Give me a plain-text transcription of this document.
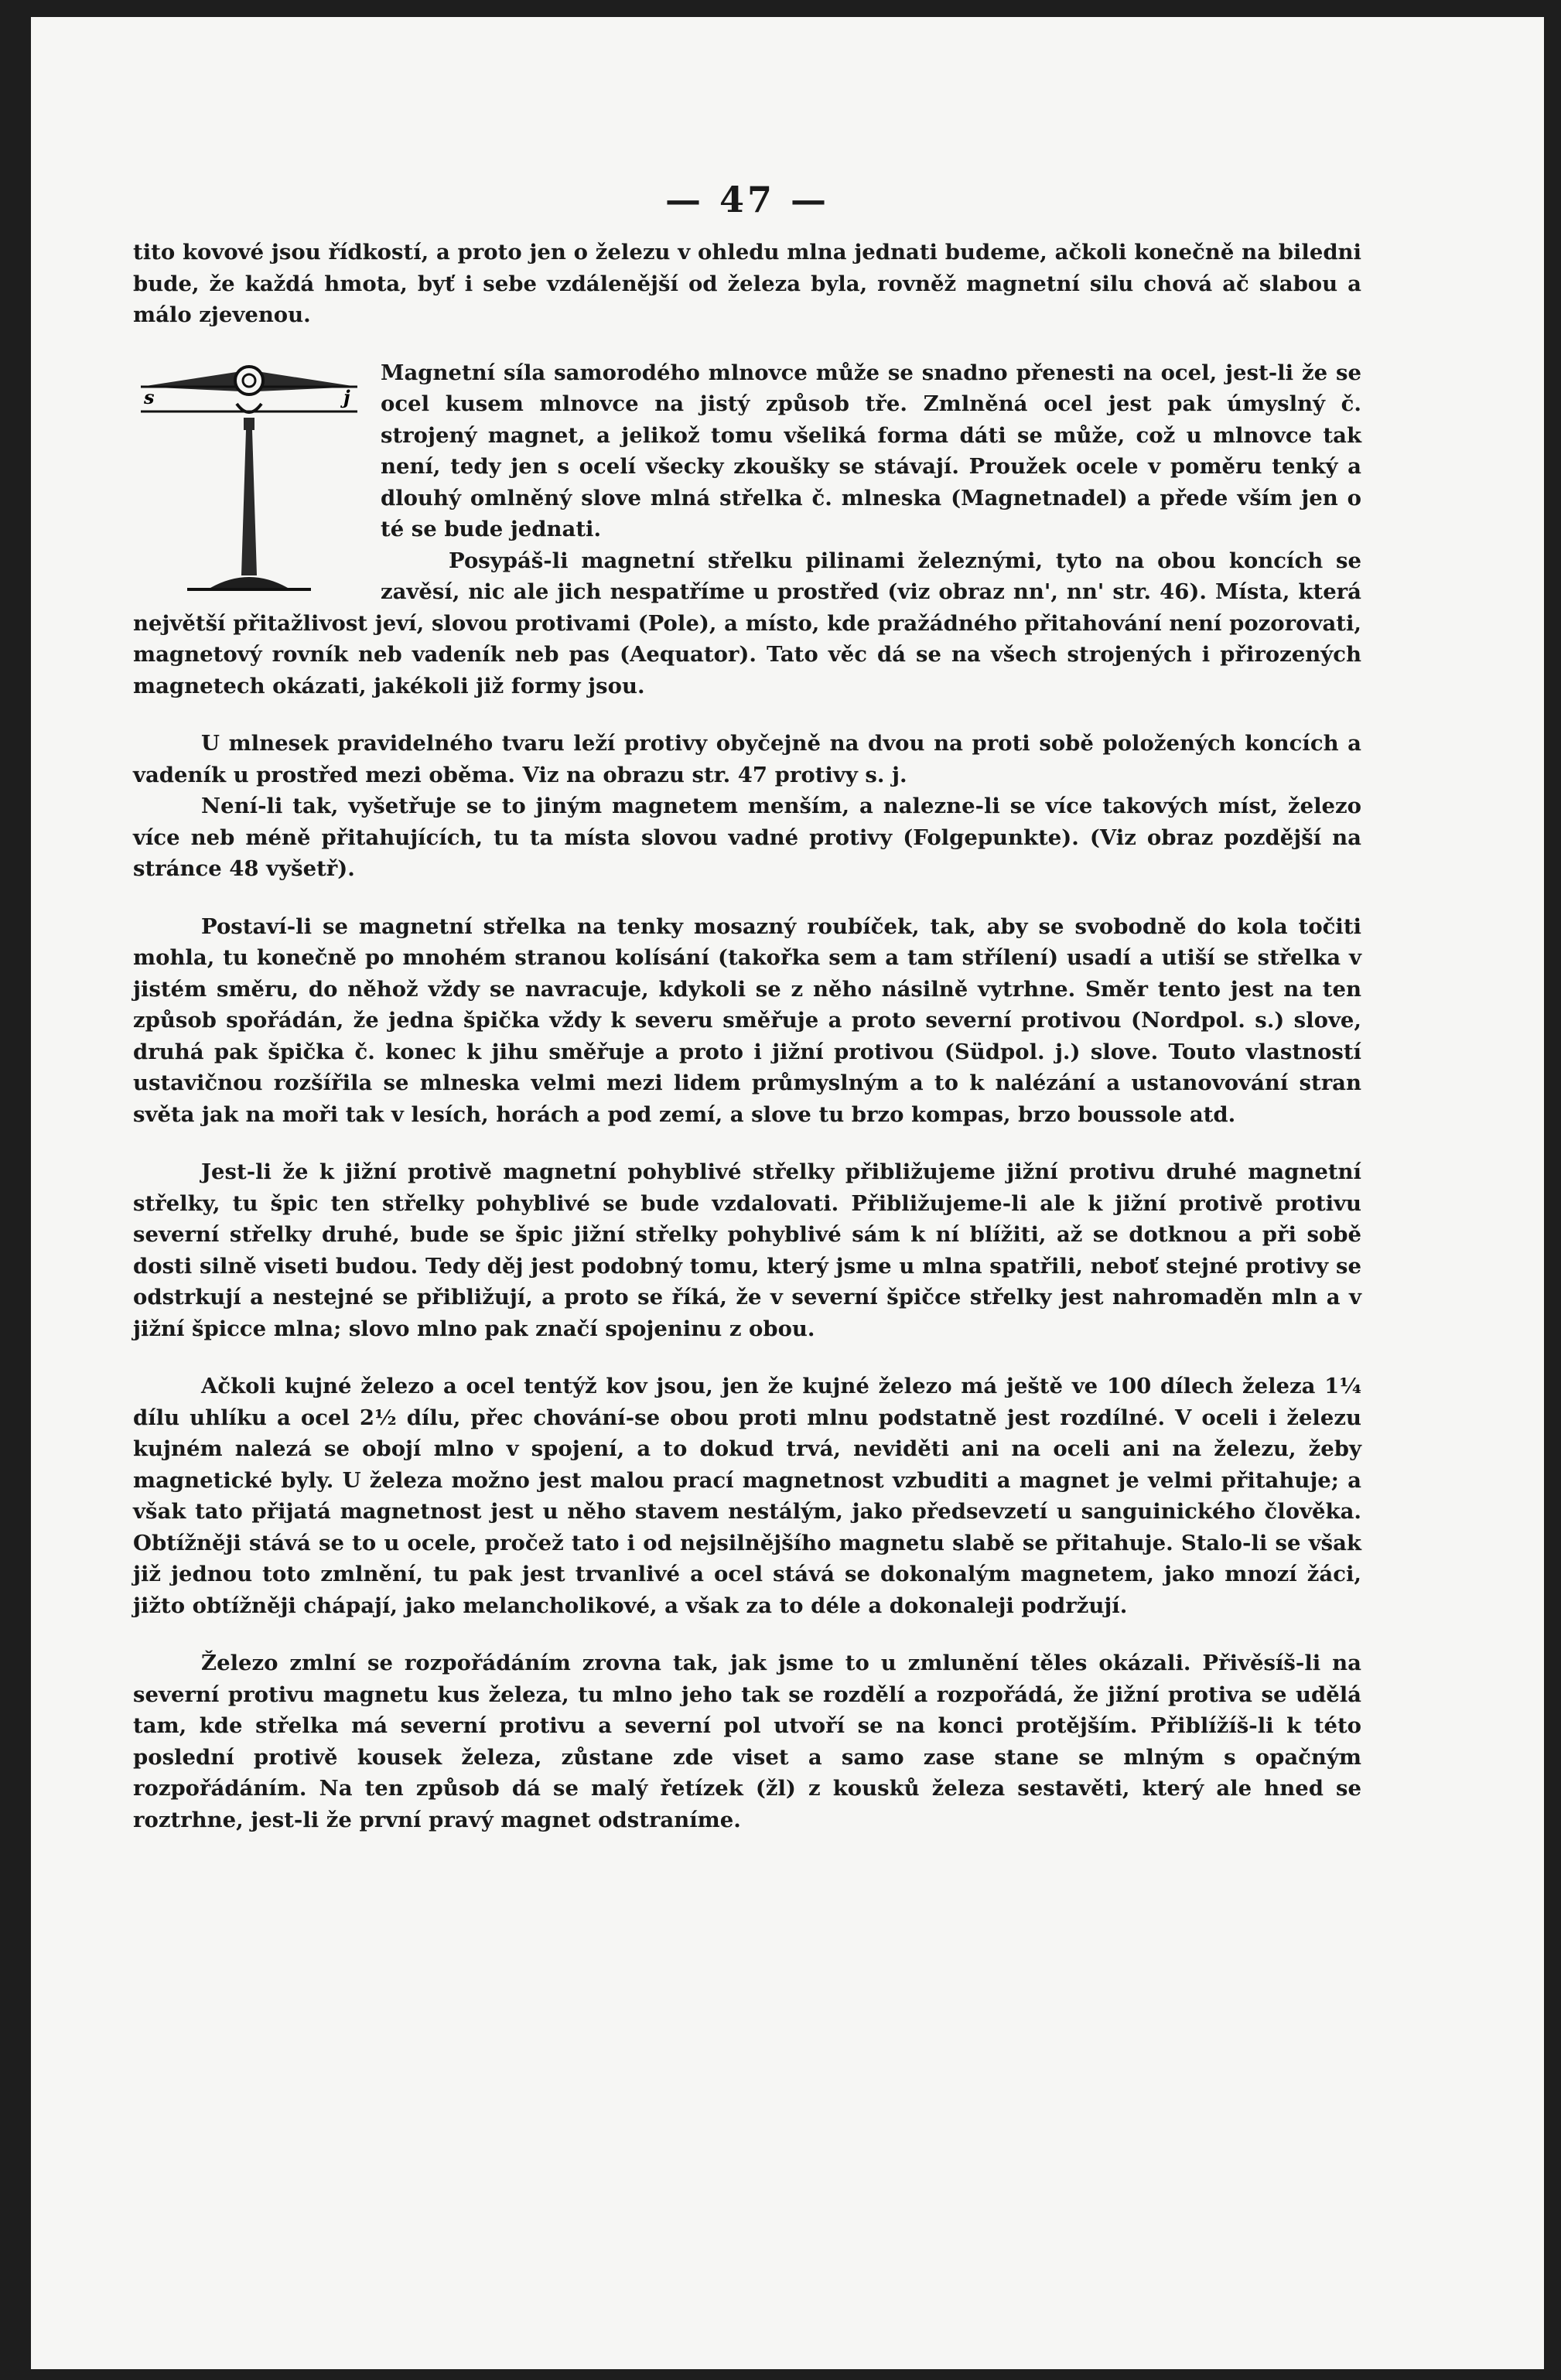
— 47 —

tito kovové jsou řídkostí, a proto jen o železu v ohledu mlna jednati budeme, ačkoli konečně na biledni bude, že každá hmota, byť i sebe vzdálenější od železa byla, rovněž magnetní silu chová ač slabou a málo zjevenou.

s	j

Magnetní síla samorodého mlnovce může se snadno přenesti na ocel, jest-li že se ocel kusem mlnovce na jistý způsob tře. Zmlněná ocel jest pak úmyslný č. strojený magnet, a jelikož tomu všeliká forma dáti se může, což u mlnovce tak není, tedy jen s ocelí všecky zkoušky se stávají. Proužek ocele v poměru tenký a dlouhý omlněný slove mlná střelka č. mlneska (Magnetnadel) a přede vším jen o té se bude jednati.

Posypáš-li magnetní střelku pilinami železnými, tyto na obou koncích se zavěsí, nic ale jich nespatříme u prostřed (viz obraz nn', nn' str. 46). Místa, která největší přitažlivost jeví, slovou protivami (Pole), a místo, kde pražádného přitahování není pozorovati, magnetový rovník neb vadeník neb pas (Aequator). Tato věc dá se na všech strojených i přirozených magnetech okázati, jakékoli již formy jsou.

U mlnesek pravidelného tvaru leží protivy obyčejně na dvou na proti sobě položených koncích a vadeník u prostřed mezi oběma. Viz na obrazu str. 47 protivy s. j.

Není-li tak, vyšetřuje se to jiným magnetem menším, a nalezne-li se více takových míst, železo více neb méně přitahujících, tu ta místa slovou vadné protivy (Folgepunkte). (Viz obraz pozdější na stránce 48 vyšetř).

Postaví-li se magnetní střelka na tenky mosazný roubíček, tak, aby se svobodně do kola točiti mohla, tu konečně po mnohém stranou kolísání (takořka sem a tam střílení) usadí a utiší se střelka v jistém směru, do něhož vždy se navracuje, kdykoli se z něho násilně vytrhne. Směr tento jest na ten způsob spořádán, že jedna špička vždy k severu směřuje a proto severní protivou (Nordpol. s.) slove, druhá pak špička č. konec k jihu směřuje a proto i jižní protivou (Südpol. j.) slove. Touto vlastností ustavičnou rozšířila se mlneska velmi mezi lidem průmyslným a to k nalézání a ustanovování stran světa jak na moři tak v lesích, horách a pod zemí, a slove tu brzo kompas, brzo boussole atd.

Jest-li že k jižní protivě magnetní pohyblivé střelky přibližujeme jižní protivu druhé magnetní střelky, tu špic ten střelky pohyblivé se bude vzdalovati. Přibližujeme-li ale k jižní protivě protivu severní střelky druhé, bude se špic jižní střelky pohyblivé sám k ní blížiti, až se dotknou a při sobě dosti silně viseti budou. Tedy děj jest podobný tomu, který jsme u mlna spatřili, neboť stejné protivy se odstrkují a nestejné se přibližují, a proto se říká, že v severní špičce střelky jest nahromaděn mln a v jižní špicce mlna; slovo mlno pak značí spojeninu z obou.

Ačkoli kujné železo a ocel tentýž kov jsou, jen že kujné železo má ještě ve 100 dílech železa 1¼ dílu uhlíku a ocel 2½ dílu, přec chování-se obou proti mlnu podstatně jest rozdílné. V oceli i železu kujném nalezá se obojí mlno v spojení, a to dokud trvá, neviděti ani na oceli ani na železu, žeby magnetické byly. U železa možno jest malou prací magnetnost vzbuditi a magnet je velmi přitahuje; a však tato přijatá magnetnost jest u něho stavem nestálým, jako předsevzetí u sanguinického člověka. Obtížněji stává se to u ocele, pročež tato i od nejsilnějšího magnetu slabě se přitahuje. Stalo-li se však již jednou toto zmlnění, tu pak jest trvanlivé a ocel stává se dokonalým magnetem, jako mnozí žáci, jižto obtížněji chápají, jako melancholikové, a však za to déle a dokonaleji podržují.

Železo zmlní se rozpořádáním zrovna tak, jak jsme to u zmlunění těles okázali. Přivěsíš-li na severní protivu magnetu kus železa, tu mlno jeho tak se rozdělí a rozpořádá, že jižní protiva se udělá tam, kde střelka má severní protivu a severní pol utvoří se na konci protějším. Přiblížíš-li k této poslední protivě kousek železa, zůstane zde viset a samo zase stane se mlným s opačným rozpořádáním. Na ten způsob dá se malý řetízek (žl) z kousků železa sestavěti, který ale hned se roztrhne, jest-li že první pravý magnet odstraníme.
